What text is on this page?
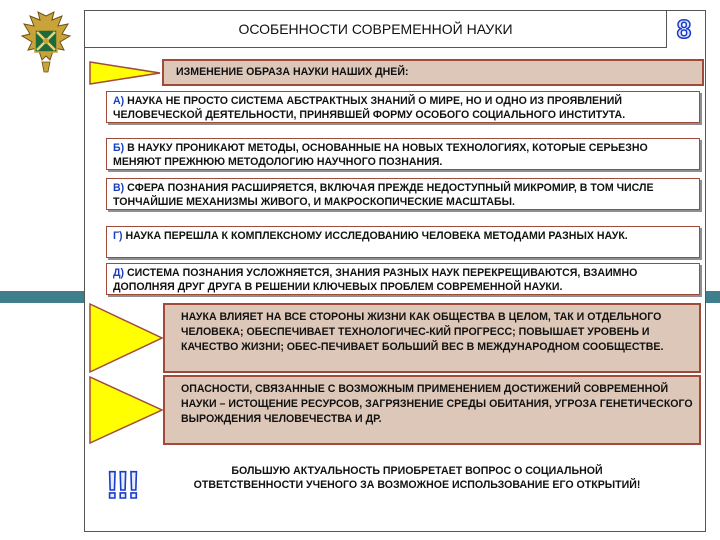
ОСОБЕННОСТИ СОВРЕМЕННОЙ НАУКИ	8
ИЗМЕНЕНИЕ ОБРАЗА НАУКИ НАШИХ ДНЕЙ:
А) НАУКА НЕ ПРОСТО СИСТЕМА АБСТРАКТНЫХ ЗНАНИЙ О МИРЕ, НО И ОДНО ИЗ ПРОЯВЛЕНИЙ ЧЕЛОВЕЧЕСКОЙ ДЕЯТЕЛЬНОСТИ, ПРИНЯВШЕЙ ФОРМУ ОСОБОГО СОЦИАЛЬНОГО ИНСТИТУТА.
Б) В НАУКУ ПРОНИКАЮТ МЕТОДЫ, ОСНОВАННЫЕ НА НОВЫХ ТЕХНОЛОГИЯХ, КОТОРЫЕ СЕРЬЕЗНО МЕНЯЮТ ПРЕЖНЮЮ МЕТОДОЛОГИЮ НАУЧНОГО ПОЗНАНИЯ.
В) СФЕРА ПОЗНАНИЯ РАСШИРЯЕТСЯ, ВКЛЮЧАЯ ПРЕЖДЕ НЕДОСТУПНЫЙ МИКРОМИР, В ТОМ ЧИСЛЕ ТОНЧАЙШИЕ МЕХАНИЗМЫ ЖИВОГО, И МАКРОСКОПИЧЕСКИЕ МАСШТАБЫ.
Г) НАУКА ПЕРЕШЛА К КОМПЛЕКСНОМУ ИССЛЕДОВАНИЮ ЧЕЛОВЕКА МЕТОДАМИ РАЗНЫХ НАУК.
Д) СИСТЕМА ПОЗНАНИЯ УСЛОЖНЯЕТСЯ, ЗНАНИЯ РАЗНЫХ НАУК ПЕРЕКРЕЩИВАЮТСЯ, ВЗАИМНО ДОПОЛНЯЯ ДРУГ ДРУГА В РЕШЕНИИ КЛЮЧЕВЫХ ПРОБЛЕМ СОВРЕМЕННОЙ НАУКИ.
НАУКА ВЛИЯЕТ НА ВСЕ СТОРОНЫ ЖИЗНИ КАК ОБЩЕСТВА В ЦЕЛОМ, ТАК И ОТДЕЛЬНОГО ЧЕЛОВЕКА; ОБЕСПЕЧИВАЕТ ТЕХНОЛОГИЧЕС-КИЙ ПРОГРЕСС; ПОВЫШАЕТ УРОВЕНЬ И КАЧЕСТВО ЖИЗНИ; ОБЕС-ПЕЧИВАЕТ БОЛЬШИЙ ВЕС В МЕЖДУНАРОДНОМ СООБЩЕСТВЕ.
ОПАСНОСТИ, СВЯЗАННЫЕ С ВОЗМОЖНЫМ ПРИМЕНЕНИЕМ ДОСТИЖЕНИЙ СОВРЕМЕННОЙ НАУКИ – ИСТОЩЕНИЕ РЕСУРСОВ, ЗАГРЯЗНЕНИЕ СРЕДЫ ОБИТАНИЯ, УГРОЗА ГЕНЕТИЧЕСКОГО ВЫРОЖДЕНИЯ ЧЕЛОВЕЧЕСТВА И ДР.
!!!	БОЛЬШУЮ АКТУАЛЬНОСТЬ ПРИОБРЕТАЕТ ВОПРОС О СОЦИАЛЬНОЙ ОТВЕТСТВЕННОСТИ УЧЕНОГО ЗА ВОЗМОЖНОЕ ИСПОЛЬЗОВАНИЕ ЕГО ОТКРЫТИЙ!
